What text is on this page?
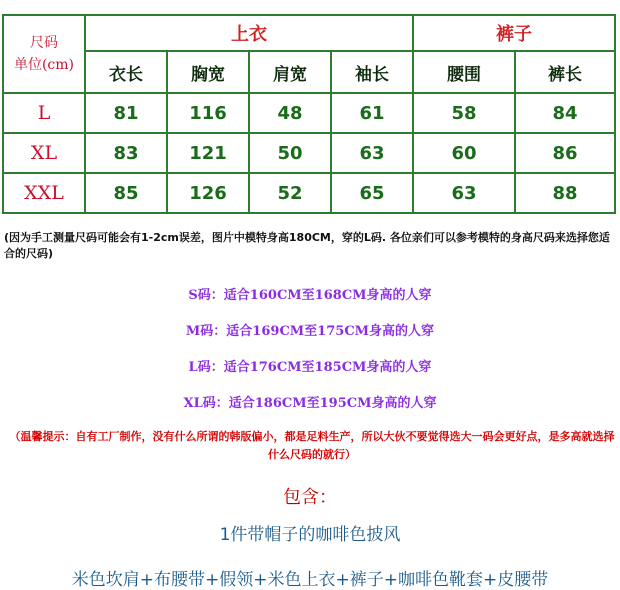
尺码
单位(cm)	上衣				裤子	
	衣长	胸宽	肩宽	袖长	腰围	裤长
L	81	116	48	61	58	84
XL	83	121	50	63	60	86
XXL	85	126	52	65	63	88
(因为手工测量尺码可能会有1-2cm误差，图片中模特身高180CM，穿的L码. 各位亲们可以参考模特的身高尺码来选择您适合的尺码)
S码：适合160CM至168CM身高的人穿
M码：适合169CM至175CM身高的人穿
L码：适合176CM至185CM身高的人穿
XL码：适合186CM至195CM身高的人穿
（温馨提示：自有工厂制作，没有什么所谓的韩版偏小，都是足料生产，所以大伙不要觉得选大一码会更好点，是多高就选择什么尺码的就行）
包含：
1件带帽子的咖啡色披风
米色坎肩+布腰带+假领+米色上衣+裤子+咖啡色靴套+皮腰带
